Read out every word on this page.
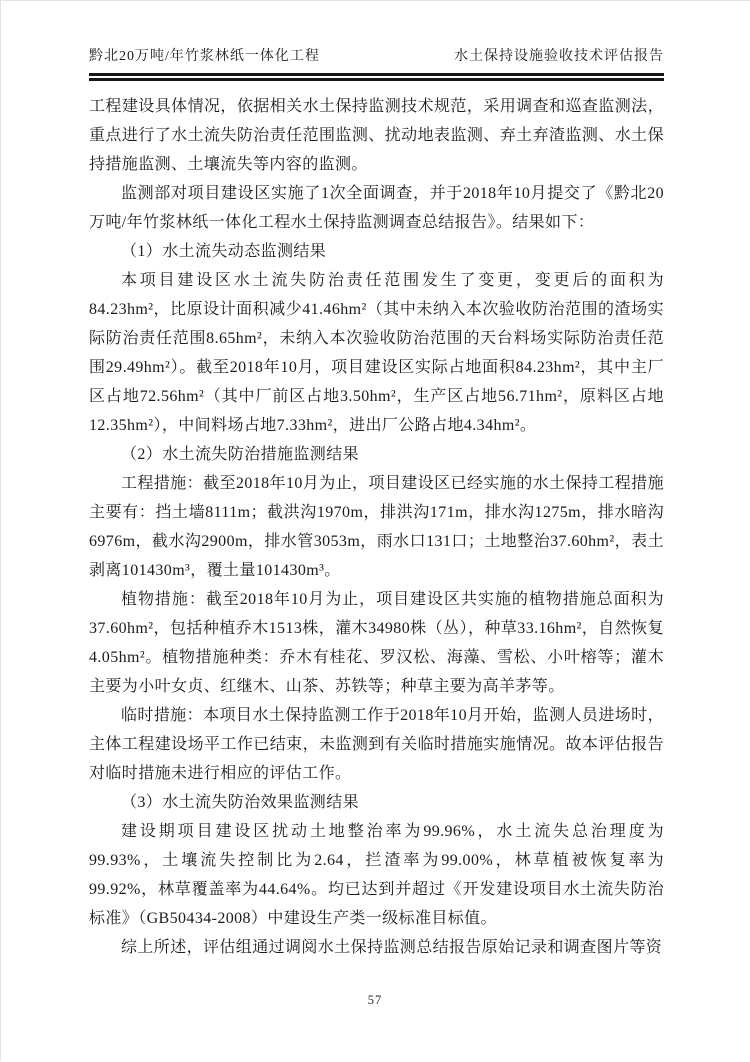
黔北20万吨/年竹浆林纸一体化工程	水土保持设施验收技术评估报告

工程建设具体情况，依据相关水土保持监测技术规范，采用调查和巡查监测法，重点进行了水土流失防治责任范围监测、扰动地表监测、弃土弃渣监测、水土保持措施监测、土壤流失等内容的监测。

监测部对项目建设区实施了1次全面调查，并于2018年10月提交了《黔北20万吨/年竹浆林纸一体化工程水土保持监测调查总结报告》。结果如下：

（1）水土流失动态监测结果

本项目建设区水土流失防治责任范围发生了变更，变更后的面积为84.23hm²，比原设计面积减少41.46hm²（其中未纳入本次验收防治范围的渣场实际防治责任范围8.65hm²，未纳入本次验收防治范围的天台料场实际防治责任范围29.49hm²）。截至2018年10月，项目建设区实际占地面积84.23hm²，其中主厂区占地72.56hm²（其中厂前区占地3.50hm²，生产区占地56.71hm²，原料区占地12.35hm²），中间料场占地7.33hm²，进出厂公路占地4.34hm²。

（2）水土流失防治措施监测结果

工程措施：截至2018年10月为止，项目建设区已经实施的水土保持工程措施主要有：挡土墙8111m；截洪沟1970m，排洪沟171m，排水沟1275m，排水暗沟6976m，截水沟2900m，排水管3053m，雨水口131口；土地整治37.60hm²，表土剥离101430m³，覆土量101430m³。

植物措施：截至2018年10月为止，项目建设区共实施的植物措施总面积为37.60hm²，包括种植乔木1513株，灌木34980株（丛），种草33.16hm²，自然恢复4.05hm²。植物措施种类：乔木有桂花、罗汉松、海藻、雪松、小叶榕等；灌木主要为小叶女贞、红继木、山茶、苏铁等；种草主要为高羊茅等。

临时措施：本项目水土保持监测工作于2018年10月开始，监测人员进场时，主体工程建设场平工作已结束，未监测到有关临时措施实施情况。故本评估报告对临时措施未进行相应的评估工作。

（3）水土流失防治效果监测结果

建设期项目建设区扰动土地整治率为99.96%，水土流失总治理度为99.93%，土壤流失控制比为2.64，拦渣率为99.00%，林草植被恢复率为99.92%，林草覆盖率为44.64%。均已达到并超过《开发建设项目水土流失防治标准》（GB50434-2008）中建设生产类一级标准目标值。

综上所述，评估组通过调阅水土保持监测总结报告原始记录和调查图片等资

57
